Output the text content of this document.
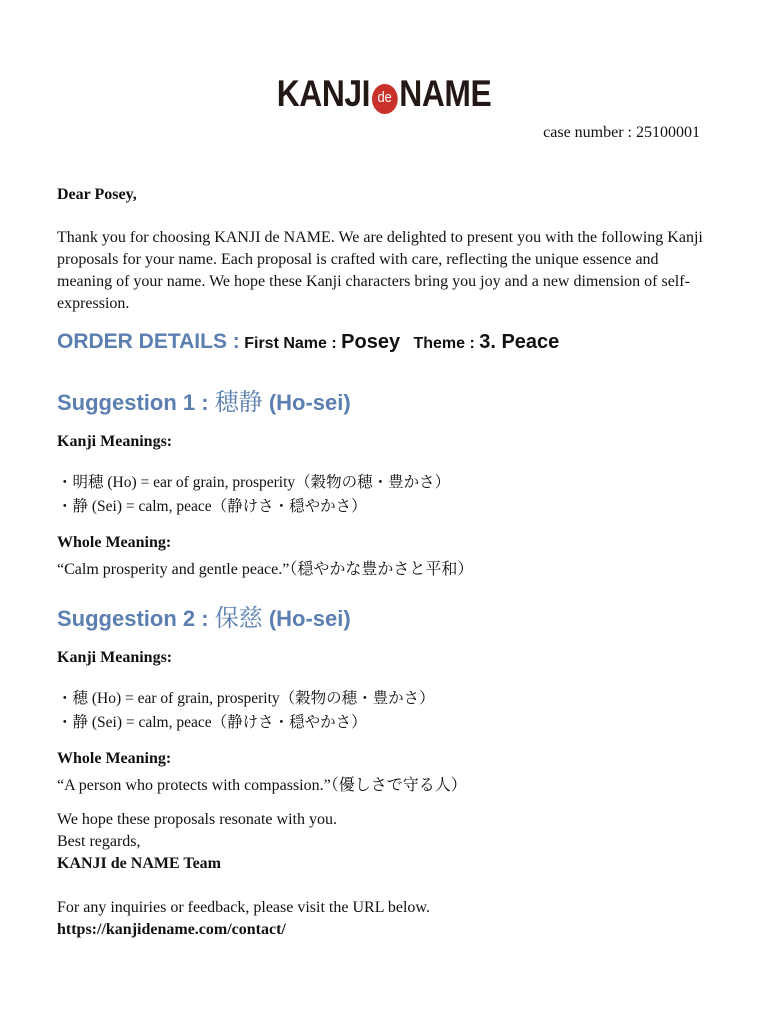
KANJI de NAME
case number : 25100001
Dear Posey,
Thank you for choosing KANJI de NAME. We are delighted to present you with the following Kanji proposals for your name. Each proposal is crafted with care, reflecting the unique essence and meaning of your name. We hope these Kanji characters bring you joy and a new dimension of self-expression.
ORDER DETAILS : First Name : Posey Theme : 3. Peace
Suggestion 1 : 穂静 (Ho-sei)
Kanji Meanings:
・明穂 (Ho) = ear of grain, prosperity（穀物の穂・豊かさ）
・静 (Sei) = calm, peace（静けさ・穏やかさ）
Whole Meaning:
“Calm prosperity and gentle peace.”（穏やかな豊かさと平和）
Suggestion 2 : 保慈 (Ho-sei)
Kanji Meanings:
・穂 (Ho) = ear of grain, prosperity（穀物の穂・豊かさ）
・静 (Sei) = calm, peace（静けさ・穏やかさ）
Whole Meaning:
“A person who protects with compassion.”（優しさで守る人）
We hope these proposals resonate with you.
Best regards,
KANJI de NAME Team
For any inquiries or feedback, please visit the URL below.
https://kanjidename.com/contact/
